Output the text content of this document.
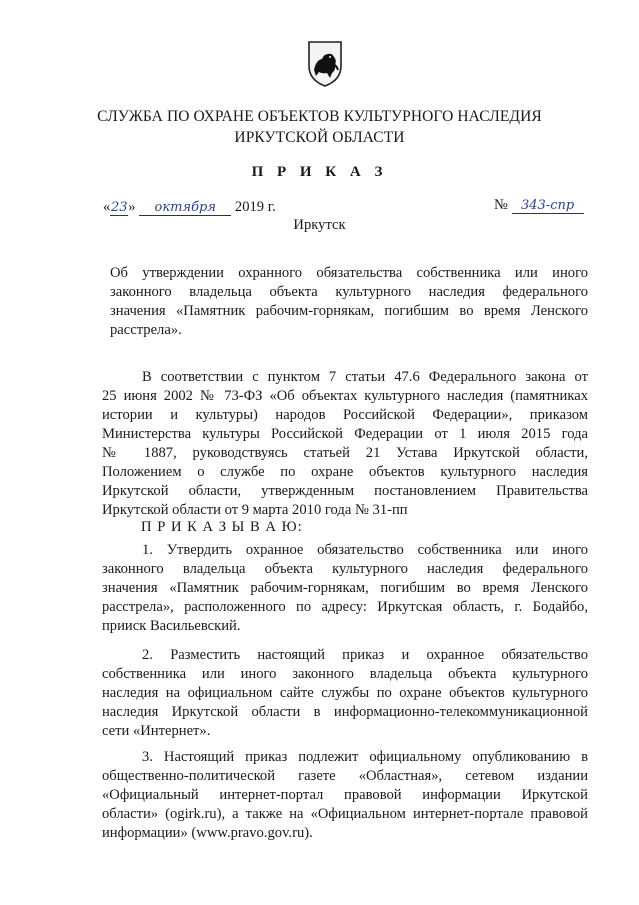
СЛУЖБА ПО ОХРАНЕ ОБЪЕКТОВ КУЛЬТУРНОГО НАСЛЕДИЯ
ИРКУТСКОЙ ОБЛАСТИ
П Р И К А З
«23» октября 2019 г.	№ 343-спр
Иркутск
Об утверждении охранного обязательства собственника или иного
законного владельца объекта культурного наследия федерального
значения «Памятник рабочим-горнякам, погибшим во время Ленского
расстрела».
В соответствии с пунктом 7 статьи 47.6 Федерального закона от
25 июня 2002 № 73-ФЗ «Об объектах культурного наследия (памятниках
истории и культуры) народов Российской Федерации», приказом
Министерства культуры Российской Федерации от 1 июля 2015 года
№ 1887, руководствуясь статьей 21 Устава Иркутской области,
Положением о службе по охране объектов культурного наследия
Иркутской области, утвержденным постановлением Правительства
Иркутской области от 9 марта 2010 года № 31-пп
П Р И К А З Ы В А Ю:
1. Утвердить охранное обязательство собственника или иного
законного владельца объекта культурного наследия федерального
значения «Памятник рабочим-горнякам, погибшим во время Ленского
расстрела», расположенного по адресу: Иркутская область, г. Бодайбо,
прииск Васильевский.
2. Разместить настоящий приказ и охранное обязательство
собственника или иного законного владельца объекта культурного
наследия на официальном сайте службы по охране объектов культурного
наследия Иркутской области в информационно-телекоммуникационной
сети «Интернет».
3. Настоящий приказ подлежит официальному опубликованию в
общественно-политической газете «Областная», сетевом издании
«Официальный интернет-портал правовой информации Иркутской
области» (ogirk.ru), а также на «Официальном интернет-портале правовой
информации» (www.pravo.gov.ru).
